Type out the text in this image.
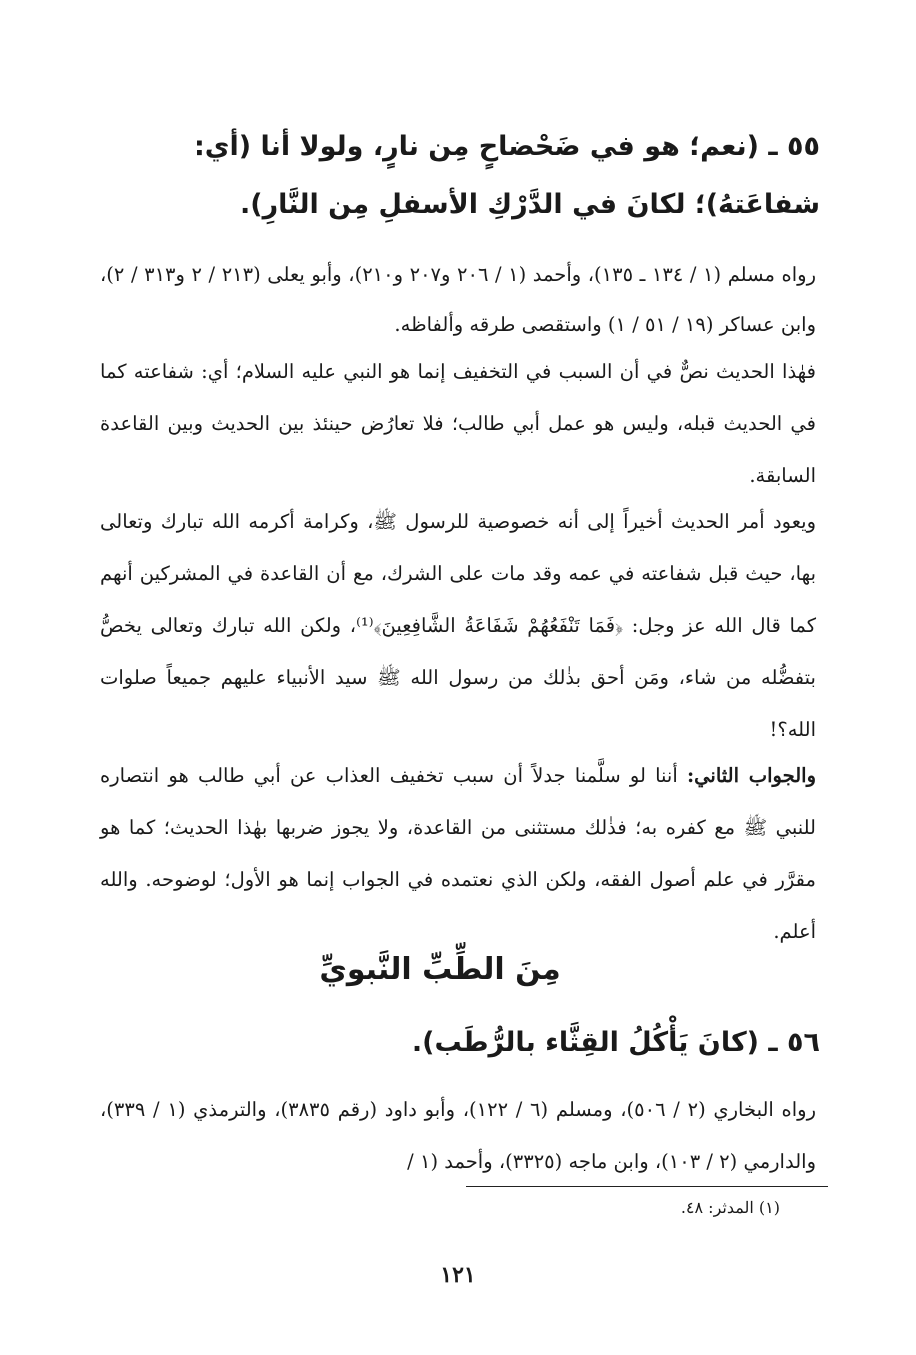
٥٥ ـ (نعم؛ هو في ضَحْضاحٍ مِن نارٍ، ولولا أنا (أي: شفاعَتهُ)؛ لكانَ في الدَّرْكِ الأسفلِ مِن النَّارِ).
رواه مسلم (١ / ١٣٤ ـ ١٣٥)، وأحمد (١ / ٢٠٦ و٢٠٧ و٢١٠)، وأبو يعلى (٢١٣ / ٢ و٣١٣ / ٢)، وابن عساكر (١٩ / ٥١ / ١) واستقصى طرقه وألفاظه.
فهٰذا الحديث نصٌّ في أن السبب في التخفيف إنما هو النبي عليه السلام؛ أي: شفاعته كما في الحديث قبله، وليس هو عمل أبي طالب؛ فلا تعارُض حينئذ بين الحديث وبين القاعدة السابقة.
ويعود أمر الحديث أخيراً إلى أنه خصوصية للرسول ﷺ، وكرامة أكرمه الله تبارك وتعالى بها، حيث قبل شفاعته في عمه وقد مات على الشرك، مع أن القاعدة في المشركين أنهم كما قال الله عز وجل: ﴿فَمَا تَنْفَعُهُمْ شَفَاعَةُ الشَّافِعِينَ﴾⁽¹⁾، ولكن الله تبارك وتعالى يخصُّ بتفضُّله من شاء، ومَن أحق بذٰلك من رسول الله ﷺ سيد الأنبياء عليهم جميعاً صلوات الله؟!
والجواب الثاني: أننا لو سلَّمنا جدلاً أن سبب تخفيف العذاب عن أبي طالب هو انتصاره للنبي ﷺ مع كفره به؛ فذٰلك مستثنى من القاعدة، ولا يجوز ضربها بهٰذا الحديث؛ كما هو مقرَّر في علم أصول الفقه، ولكن الذي نعتمده في الجواب إنما هو الأول؛ لوضوحه. والله أعلم.
مِنَ الطِّبِّ النَّبويِّ
٥٦ ـ (كانَ يَأْكُلُ القِثَّاء بالرُّطَب).
رواه البخاري (٢ / ٥٠٦)، ومسلم (٦ / ١٢٢)، وأبو داود (رقم ٣٨٣٥)، والترمذي (١ / ٣٣٩)، والدارمي (٢ / ١٠٣)، وابن ماجه (٣٣٢٥)، وأحمد (١ /
(١) المدثر: ٤٨.
١٢١
